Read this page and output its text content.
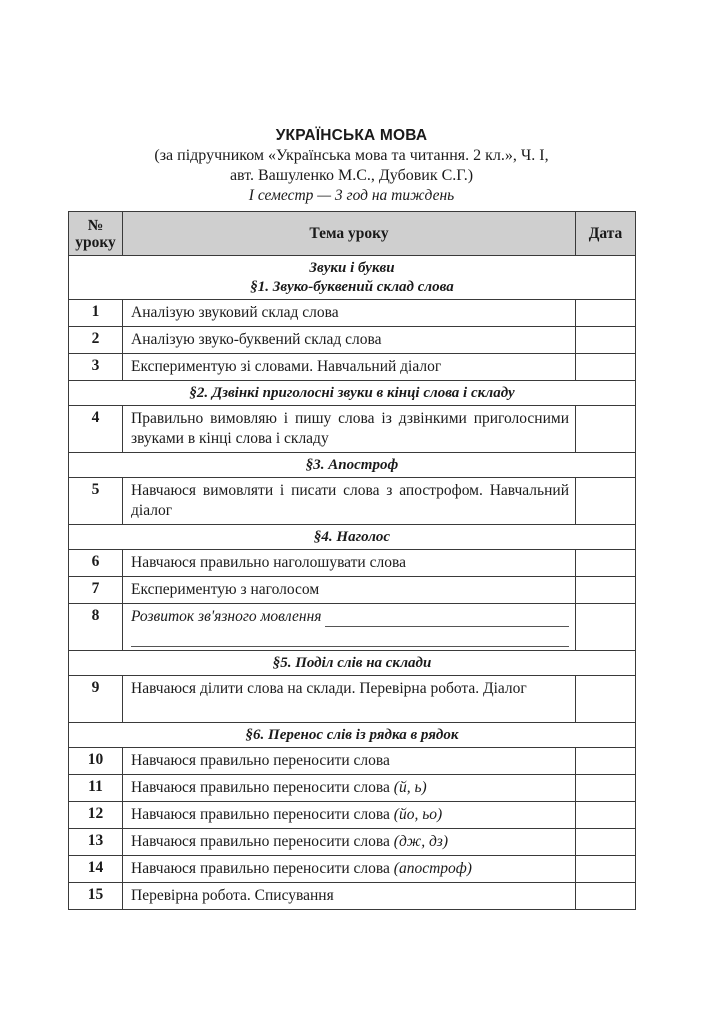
УКРАЇНСЬКА МОВА
(за підручником «Українська мова та читання. 2 кл.», Ч. І,
авт. Вашуленко М.С., Дубовик С.Г.)
І семестр — 3 год на тиждень
№
уроку	Тема уроку	Дата
Звуки і букви
§1. Звуко-буквений склад слова		
1	Аналізую звуковий склад слова	
2	Аналізую звуко-буквений склад слова	
3	Експериментую зі словами. Навчальний діалог	
§2. Дзвінкі приголосні звуки в кінці слова і складу		
4	Правильно вимовляю і пишу слова із дзвінкими приголосними звуками в кінці слова і складу	
§3. Апостроф		
5	Навчаюся вимовляти і писати слова з апострофом. Навчальний діалог	
§4. Наголос		
6	Навчаюся правильно наголошувати слова	
7	Експериментую з наголосом	
8	Розвиток зв'язного мовлення	

§5. Поділ слів на склади		
9	Навчаюся ділити слова на склади. Перевірна робота. Діалог	
§6. Перенос слів із рядка в рядок		
10	Навчаюся правильно переносити слова	
11	Навчаюся правильно переносити слова (й, ь)	
12	Навчаюся правильно переносити слова (йо, ьо)	
13	Навчаюся правильно переносити слова (дж, дз)	
14	Навчаюся правильно переносити слова (апостроф)	
15	Перевірна робота. Списування	
